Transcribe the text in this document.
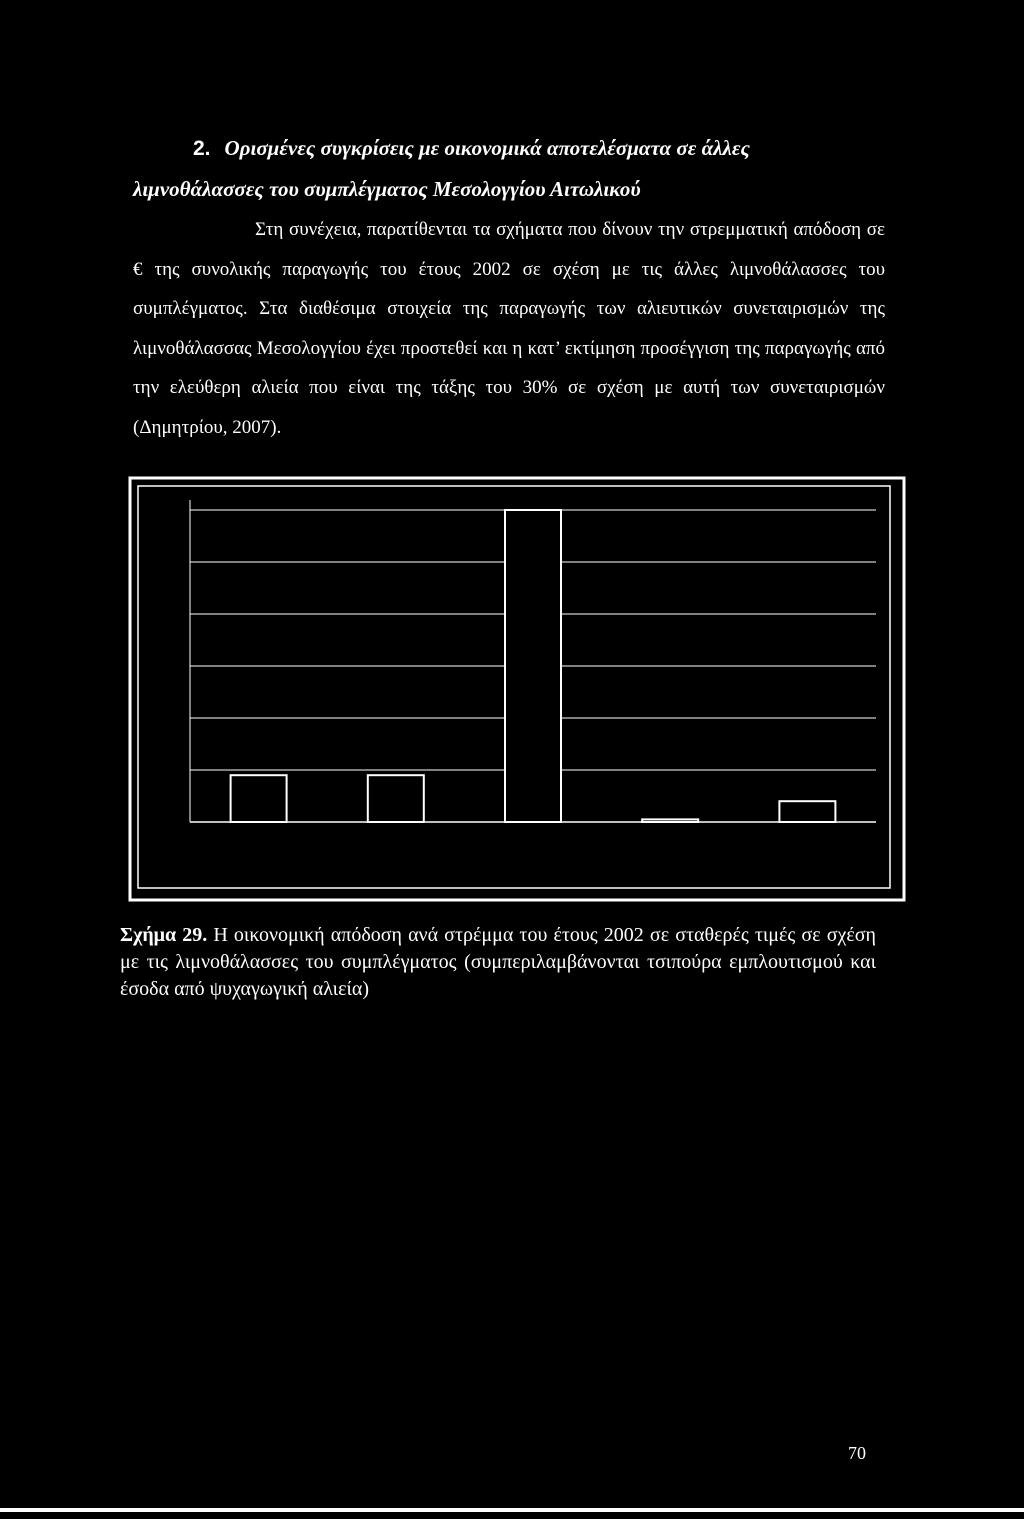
2. Ορισμένες συγκρίσεις με οικονομικά αποτελέσματα σε άλλες
λιμνοθάλασσες του συμπλέγματος Μεσολογγίου Αιτωλικού

Στη συνέχεια, παρατίθενται τα σχήματα που δίνουν την στρεμματική απόδοση σε € της συνολικής παραγωγής του έτους 2002 σε σχέση με τις άλλες λιμνοθάλασσες του συμπλέγματος. Στα διαθέσιμα στοιχεία της παραγωγής των αλιευτικών συνεταιρισμών της λιμνοθάλασσας Μεσολογγίου έχει προστεθεί και η κατ’ εκτίμηση προσέγγιση της παραγωγής από την ελεύθερη αλιεία που είναι της τάξης του 30% σε σχέση με αυτή των συνεταιρισμών (Δημητρίου, 2007).

Σχήμα 29. Η οικονομική απόδοση ανά στρέμμα του έτους 2002 σε σταθερές τιμές σε σχέση με τις λιμνοθάλασσες του συμπλέγματος (συμπεριλαμβάνονται τσιπούρα εμπλουτισμού και έσοδα από ψυχαγωγική αλιεία)
70
